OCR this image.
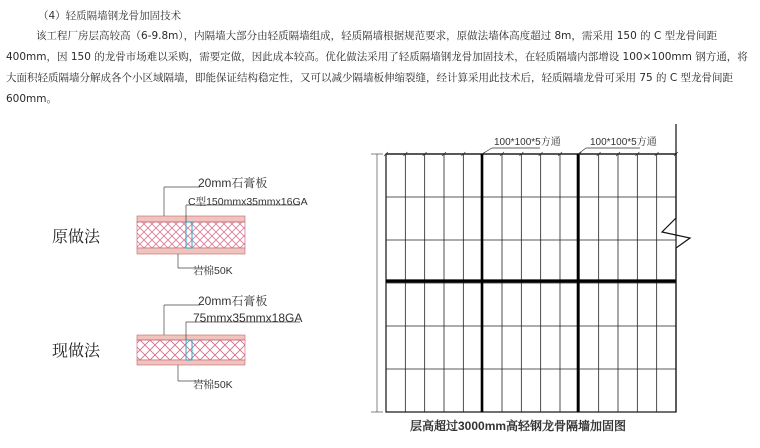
（4）轻质隔墙钢龙骨加固技术

该工程厂房层高较高（6-9.8m），内隔墙大部分由轻质隔墙组成，轻质隔墙根据规范要求，原做法墙体高度超过 8m，需采用 150 的 C 型龙骨间距 400mm，因 150 的龙骨市场难以采购，需要定做，因此成本较高。优化做法采用了轻质隔墙钢龙骨加固技术，在轻质隔墙内部增设 100×100mm 钢方通，将大面积轻质隔墙分解成各个小区域隔墙，即能保证结构稳定性，又可以减少隔墙板伸缩裂缝，经计算采用此技术后，轻质隔墙龙骨可采用 75 的 C 型龙骨间距 600mm。

20mm石膏板
C型150mmx35mmx16GA
岩棉50K
原做法
20mm石膏板
75mmx35mmx18GA
岩棉50K
现做法
100*100*5方通	100*100*5方通
层高超过3000mm高轻钢龙骨隔墙加固图
